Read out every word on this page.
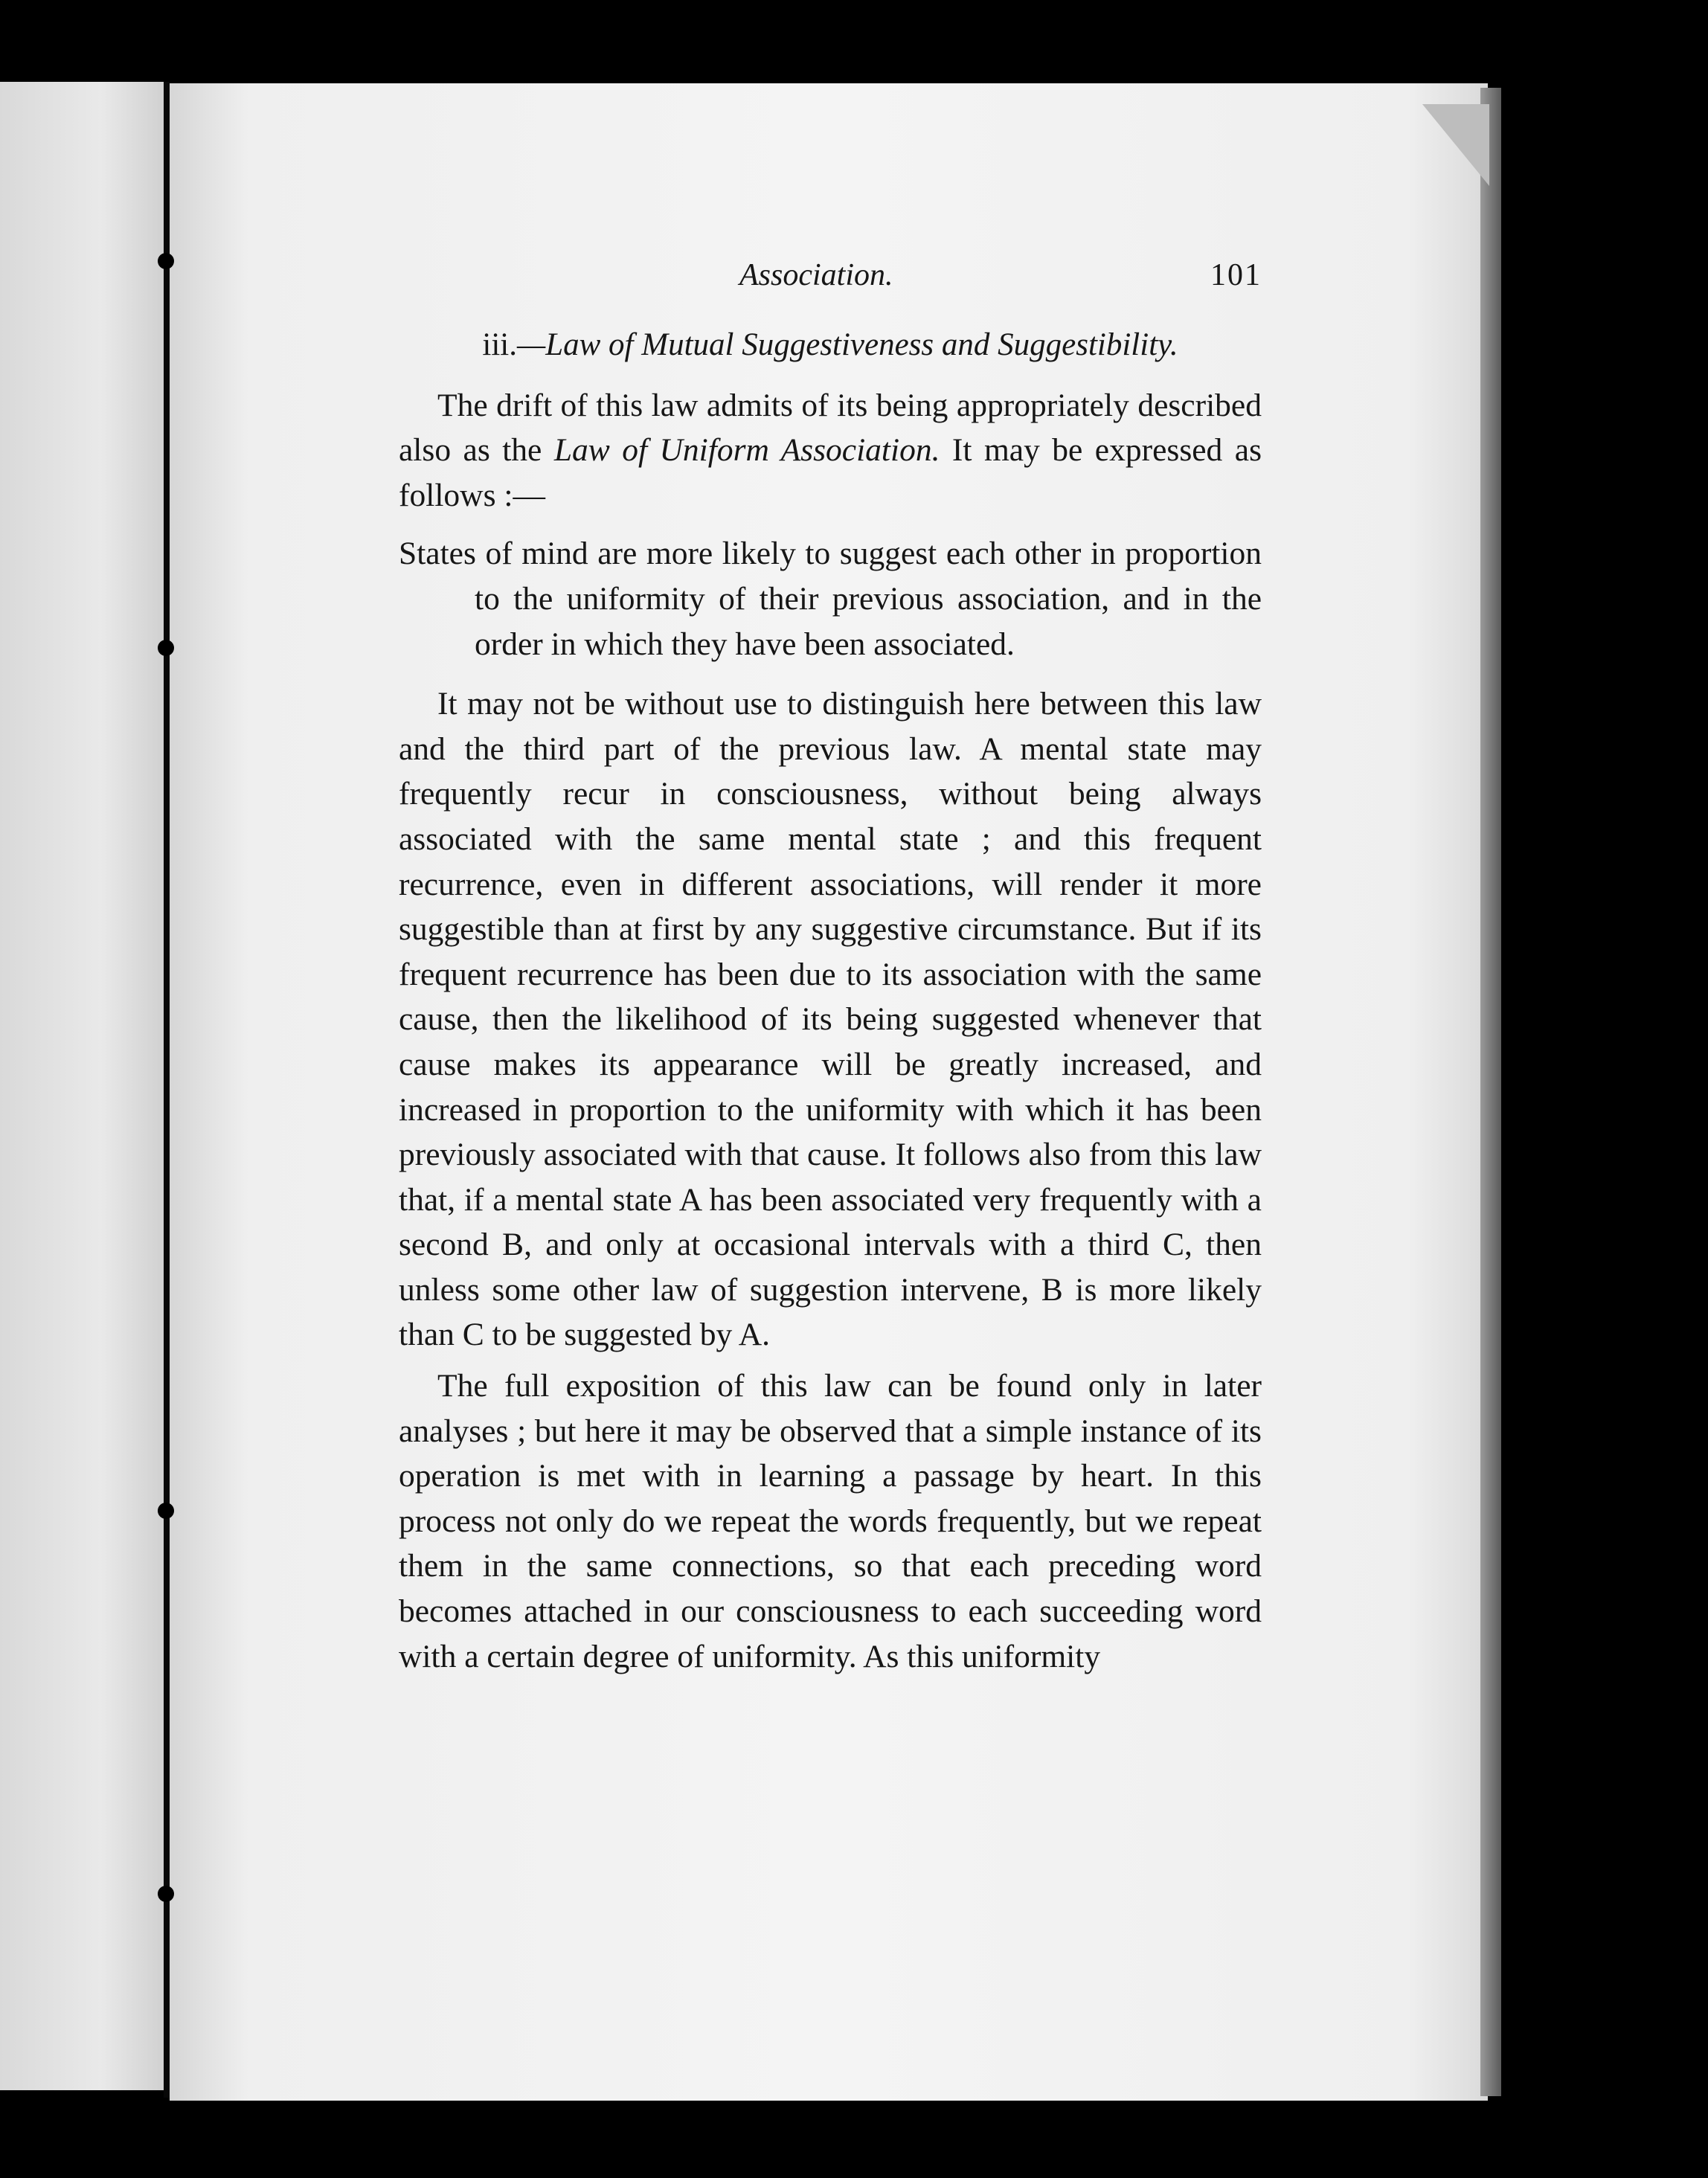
Association.	101
iii.—Law of Mutual Suggestiveness and Suggestibility.

The drift of this law admits of its being appropriately described also as the Law of Uniform Association. It may be expressed as follows :—

States of mind are more likely to suggest each other in proportion to the uniformity of their previous association, and in the order in which they have been associated.

It may not be without use to distinguish here between this law and the third part of the previous law. A mental state may frequently recur in consciousness, without being always associated with the same mental state ; and this frequent recurrence, even in different associations, will render it more suggestible than at first by any suggestive circumstance. But if its frequent recurrence has been due to its association with the same cause, then the likelihood of its being suggested whenever that cause makes its appearance will be greatly increased, and increased in proportion to the uniformity with which it has been previously associated with that cause. It follows also from this law that, if a mental state A has been associated very frequently with a second B, and only at occasional intervals with a third C, then unless some other law of suggestion intervene, B is more likely than C to be suggested by A.

The full exposition of this law can be found only in later analyses ; but here it may be observed that a simple instance of its operation is met with in learning a passage by heart. In this process not only do we repeat the words frequently, but we repeat them in the same connections, so that each preceding word becomes attached in our consciousness to each succeeding word with a certain degree of uniformity. As this uniformity
